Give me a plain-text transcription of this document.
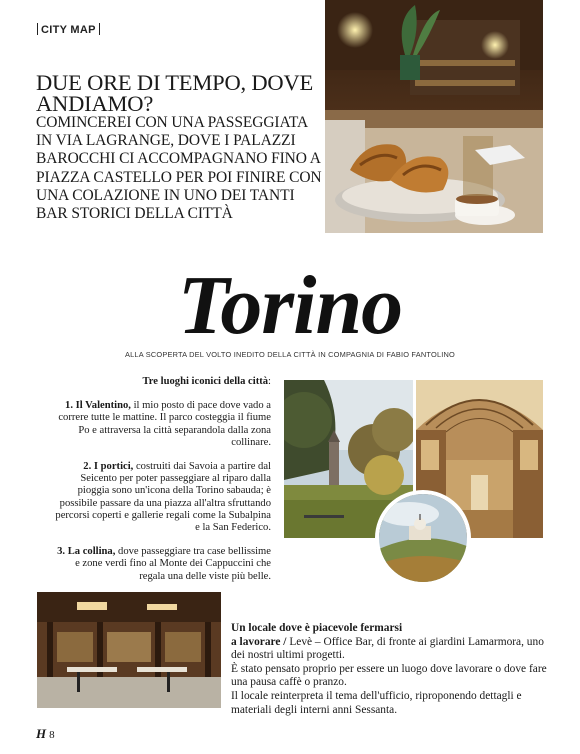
CITY MAP
DUE ORE DI TEMPO, DOVE ANDIAMO?

COMINCEREI CON UNA PASSEGGIATA IN VIA LAGRANGE, DOVE I PALAZZI BAROCCHI CI ACCOMPAGNANO FINO A PIAZZA CASTELLO PER POI FINIRE CON UNA COLAZIONE IN UNO DEI TANTI BAR STORICI DELLA CITTÀ

Torino
ALLA SCOPERTA DEL VOLTO INEDITO DELLA CITTÀ IN COMPAGNIA DI FABIO FANTOLINO

Tre luoghi iconici della città:

1. Il Valentino, il mio posto di pace dove vado a correre tutte le mattine. Il parco costeggia il fiume Po e attraversa la città separandola dalla zona collinare.

2. I portici, costruiti dai Savoia a partire dal Seicento per poter passeggiare al riparo dalla pioggia sono un'icona della Torino sabauda; è possibile passare da una piazza all'altra sfruttando percorsi coperti e gallerie regali come la Subalpina e la San Federico.

3. La collina, dove passeggiare tra case bellissime e zone verdi fino al Monte dei Cappuccini che regala una delle viste più belle.

Un locale dove è piacevole fermarsi

a lavorare / Levè – Office Bar, di fronte ai giardini Lamarmora, uno dei nostri ultimi progetti.

È stato pensato proprio per essere un luogo dove lavorare o dove fare una pausa caffè o pranzo.

Il locale reinterpreta il tema dell'ufficio, riproponendo dettagli e materiali degli interni anni Sessanta.

H 8
